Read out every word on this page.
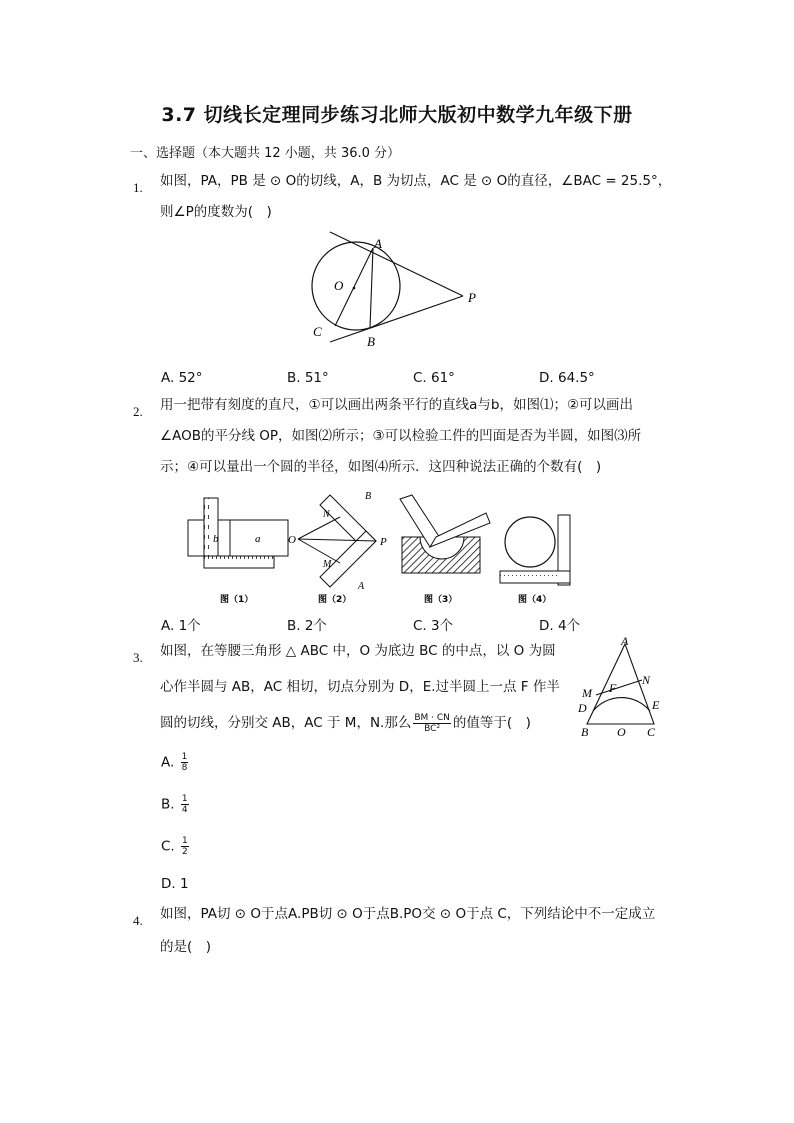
3.7 切线长定理同步练习北师大版初中数学九年级下册
一、选择题（本大题共 12 小题，共 36.0 分）
1. 如图，PA，PB 是 ⊙ O的切线，A，B 为切点，AC 是 ⊙ O的直径，∠BAC = 25.5°，
则∠P的度数为(　)
A
O
P
C
B
A. 52°	B. 51°	C. 61°	D. 64.5°
2. 用一把带有刻度的直尺，①可以画出两条平行的直线a与b，如图⑴；②可以画出
∠AOB的平分线 OP，如图⑵所示；③可以检验工件的凹面是否为半圆，如图⑶所
示；④可以量出一个圆的半径，如图⑷所示．这四种说法正确的个数有(　)
b	a	O	P
B
N
M
A
图（1）	图（2）	图（3）	图（4）
A. 1个	B. 2个	C. 3个	D. 4个
3. 如图，在等腰三角形 △ ABC 中，O 为底边 BC 的中点，以 O 为圆
心作半圆与 AB，AC 相切，切点分别为 D，E.过半圆上一点 F 作半
圆的切线，分别交 AB，AC 于 M，N.那么 $\frac{BM \cdot CN}{\text{BC²}}$ 的值等于(　)
A
N
F
M
D	E
B O C
A. $\frac{1}{8}$
B. $\frac{1}{4}$
C. $\frac{1}{2}$
D. 1
4. 如图，PA切 ⊙ O于点A.PB切 ⊙ O于点B.PO交 ⊙ O于点 C，下列结论中不一定成立
的是(　)
